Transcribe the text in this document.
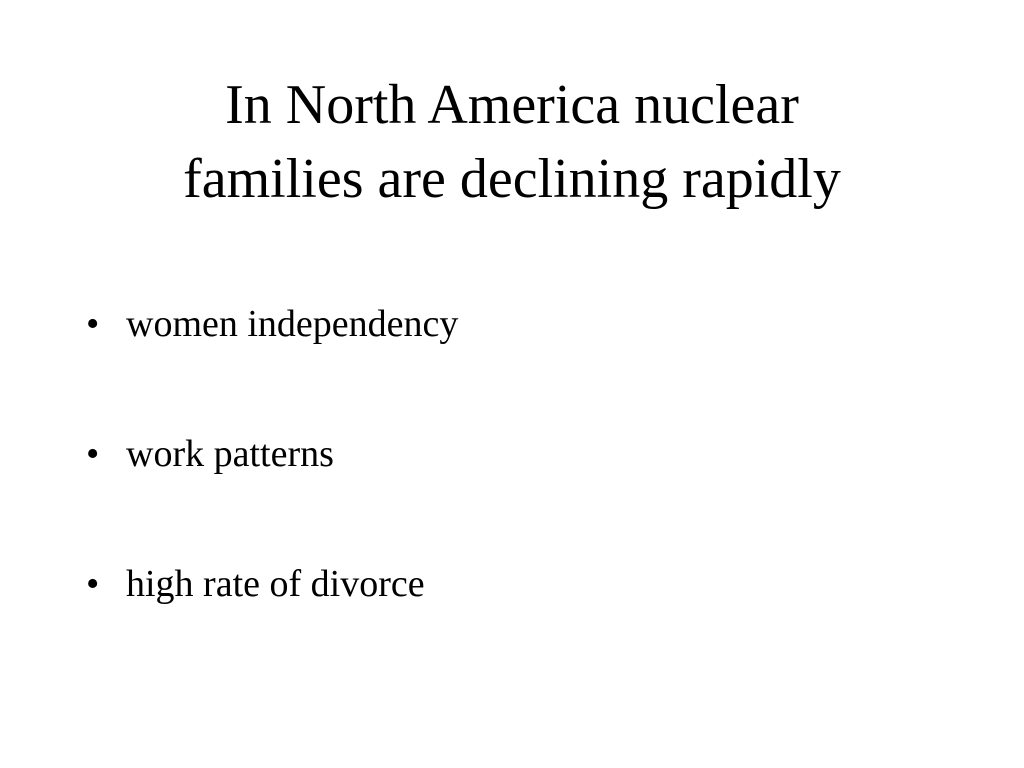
In North America nuclear
families are declining rapidly
• women independency
• work patterns
• high rate of divorce
